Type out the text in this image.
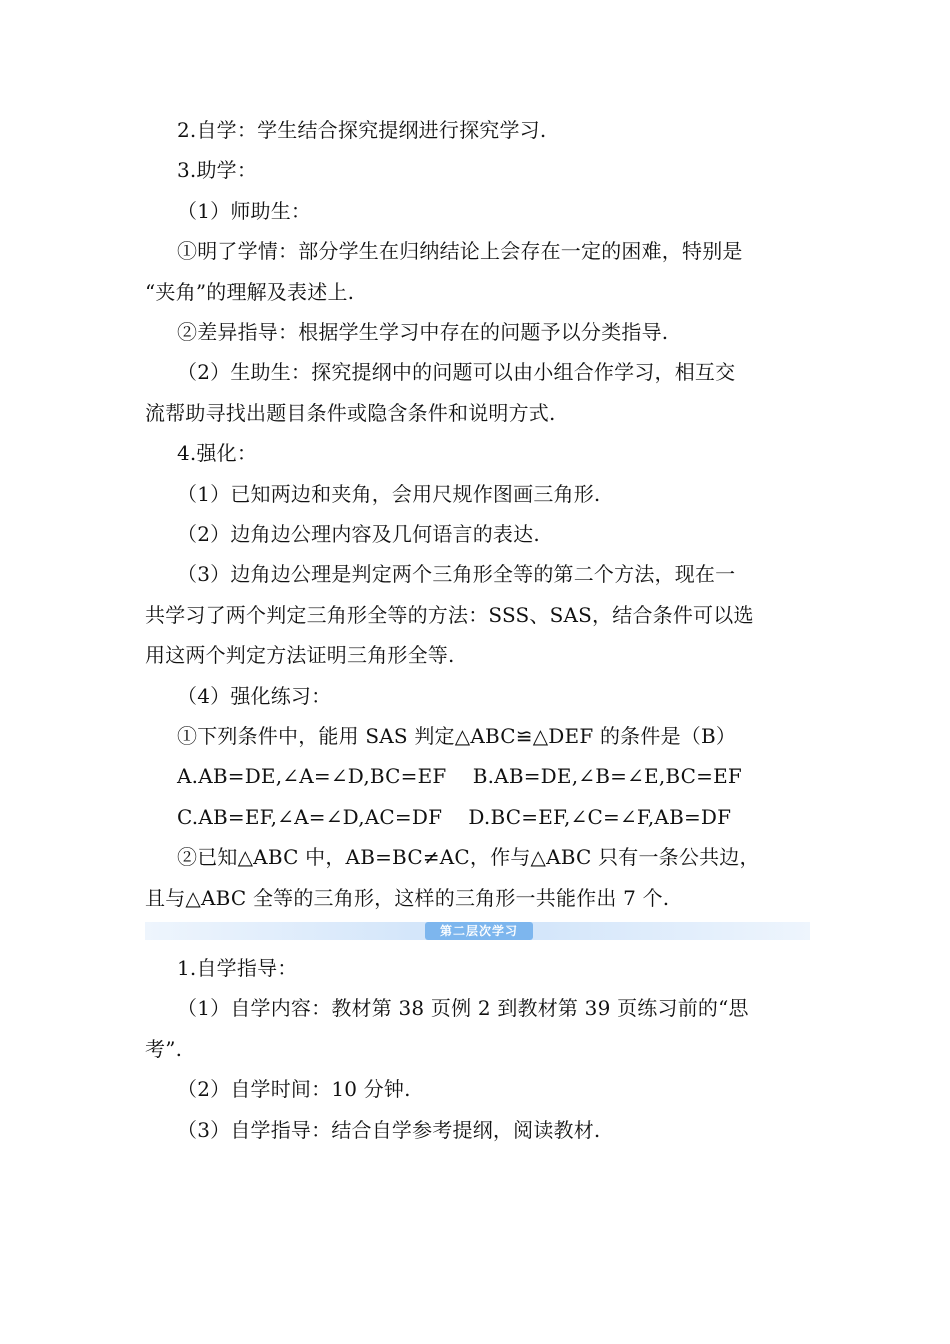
2.自学：学生结合探究提纲进行探究学习.
3.助学：
（1）师助生：
①明了学情：部分学生在归纳结论上会存在一定的困难，特别是
“夹角”的理解及表述上.
②差异指导：根据学生学习中存在的问题予以分类指导.
（2）生助生：探究提纲中的问题可以由小组合作学习，相互交
流帮助寻找出题目条件或隐含条件和说明方式.
4.强化：
（1）已知两边和夹角，会用尺规作图画三角形.
（2）边角边公理内容及几何语言的表达.
（3）边角边公理是判定两个三角形全等的第二个方法，现在一
共学习了两个判定三角形全等的方法：SSS、SAS，结合条件可以选
用这两个判定方法证明三角形全等.
（4）强化练习：
①下列条件中，能用 SAS 判定△ABC≌△DEF 的条件是（B）
A.AB=DE,∠A=∠D,BC=EF    B.AB=DE,∠B=∠E,BC=EF
C.AB=EF,∠A=∠D,AC=DF    D.BC=EF,∠C=∠F,AB=DF
②已知△ABC 中，AB=BC≠AC，作与△ABC 只有一条公共边，
且与△ABC 全等的三角形，这样的三角形一共能作出 7 个.
第二层次学习
1.自学指导：
（1）自学内容：教材第 38 页例 2 到教材第 39 页练习前的“思
考”.
（2）自学时间：10 分钟.
（3）自学指导：结合自学参考提纲，阅读教材.
